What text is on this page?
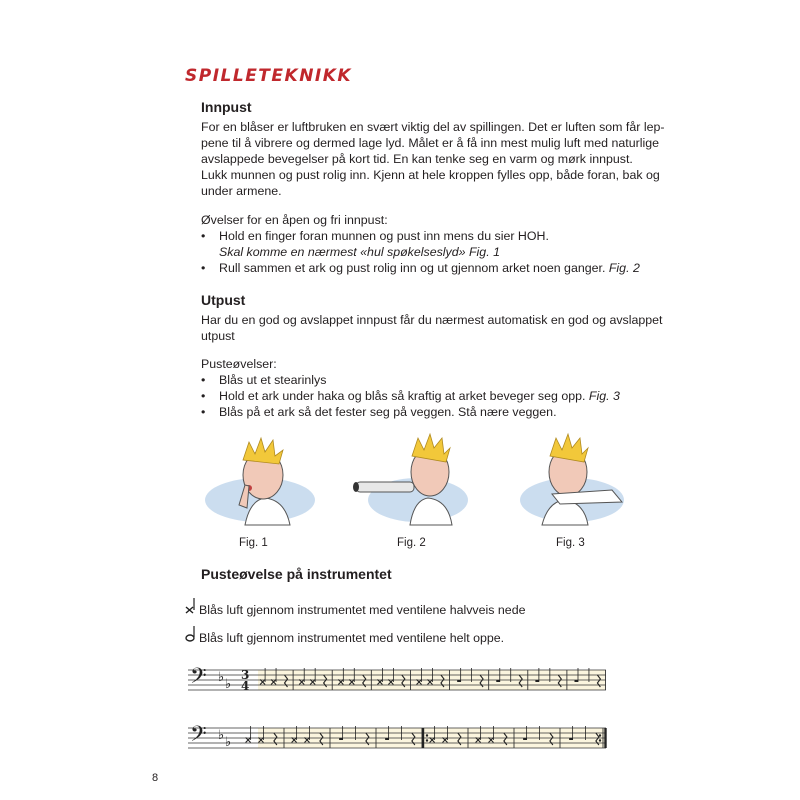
SPILLETEKNIKK
Innpust
For en blåser er luftbruken en svært viktig del av spillingen. Det er luften som får lep-
pene til å vibrere og dermed lage lyd. Målet er å få inn mest mulig luft med naturlige
avslappede bevegelser på kort tid. En kan tenke seg en varm og mørk innpust.
Lukk munnen og pust rolig inn. Kjenn at hele kroppen fylles opp, både foran, bak og
under armene.
Øvelser for en åpen og fri innpust:
• Hold en finger foran munnen og pust inn mens du sier HOH.
Skal komme en nærmest «hul spøkelseslyd» Fig. 1
• Rull sammen et ark og pust rolig inn og ut gjennom arket noen ganger. Fig. 2
Utpust
Har du en god og avslappet innpust får du nærmest automatisk en god og avslappet
utpust
Pusteøvelser:
• Blås ut et stearinlys
• Hold et ark under haka og blås så kraftig at arket beveger seg opp. Fig. 3
• Blås på et ark så det fester seg på veggen. Stå nære veggen.
Fig. 1	Fig. 2	Fig. 3
Pusteøvelse på instrumentet
Blås luft gjennom instrumentet med ventilene halvveis nede
Blås luft gjennom instrumentet med ventilene helt oppe.
𝄢 ♭ ♭
3
4
𝄢 ♭ ♭
8
